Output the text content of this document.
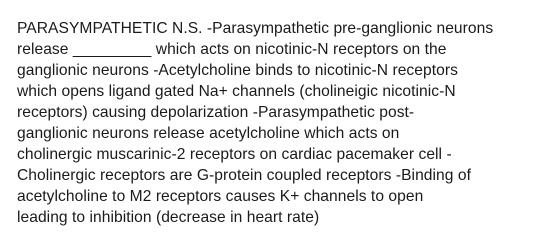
PARASYMPATHETIC N.S. -Parasympathetic pre-ganglionic neurons
release _________ which acts on nicotinic-N receptors on the
ganglionic neurons -Acetylcholine binds to nicotinic-N receptors
which opens ligand gated Na+ channels (cholineigic nicotinic-N
receptors) causing depolarization -Parasympathetic post-
ganglionic neurons release acetylcholine which acts on
cholinergic muscarinic-2 receptors on cardiac pacemaker cell -
Cholinergic receptors are G-protein coupled receptors -Binding of
acetylcholine to M2 receptors causes K+ channels to open
leading to inhibition (decrease in heart rate)
